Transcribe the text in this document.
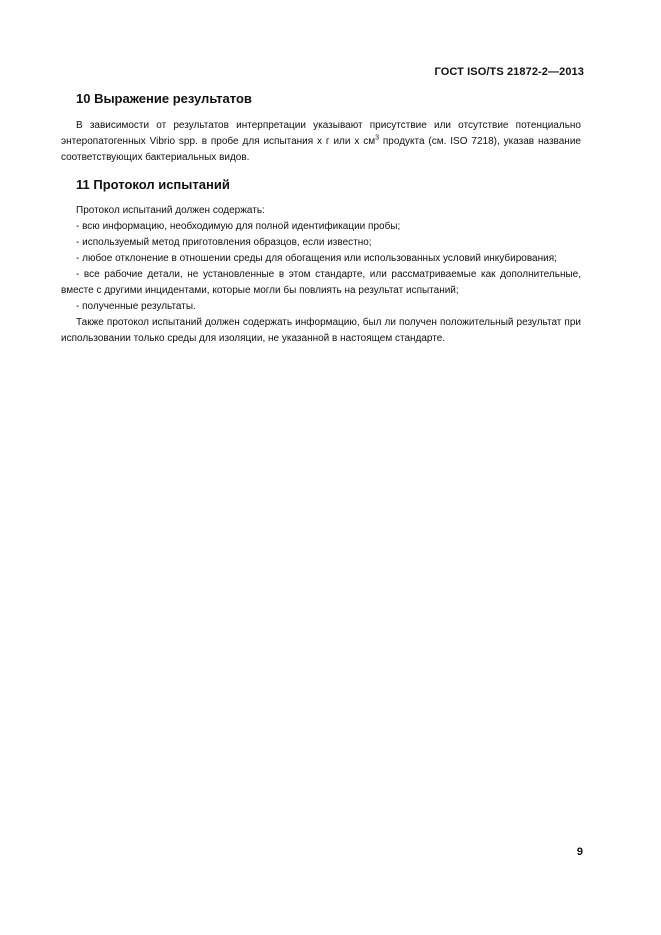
ГОСТ ISO/TS 21872-2—2013
10 Выражение результатов

В зависимости от результатов интерпретации указывают присутствие или отсутствие потенциально энтеропатогенных Vibrio spp. в пробе для испытания x г или x $см^3$ продукта (см. ISO 7218), указав название соответствующих бактериальных видов.

11 Протокол испытаний

Протокол испытаний должен содержать:

- всю информацию, необходимую для полной идентификации пробы;

- используемый метод приготовления образцов, если известно;

- любое отклонение в отношении среды для обогащения или использованных условий инкубирования;

- все рабочие детали, не установленные в этом стандарте, или рассматриваемые как дополнительные, вместе с другими инцидентами, которые могли бы повлиять на результат испытаний;

- полученные результаты.

Также протокол испытаний должен содержать информацию, был ли получен положительный результат при использовании только среды для изоляции, не указанной в настоящем стандарте.

9
